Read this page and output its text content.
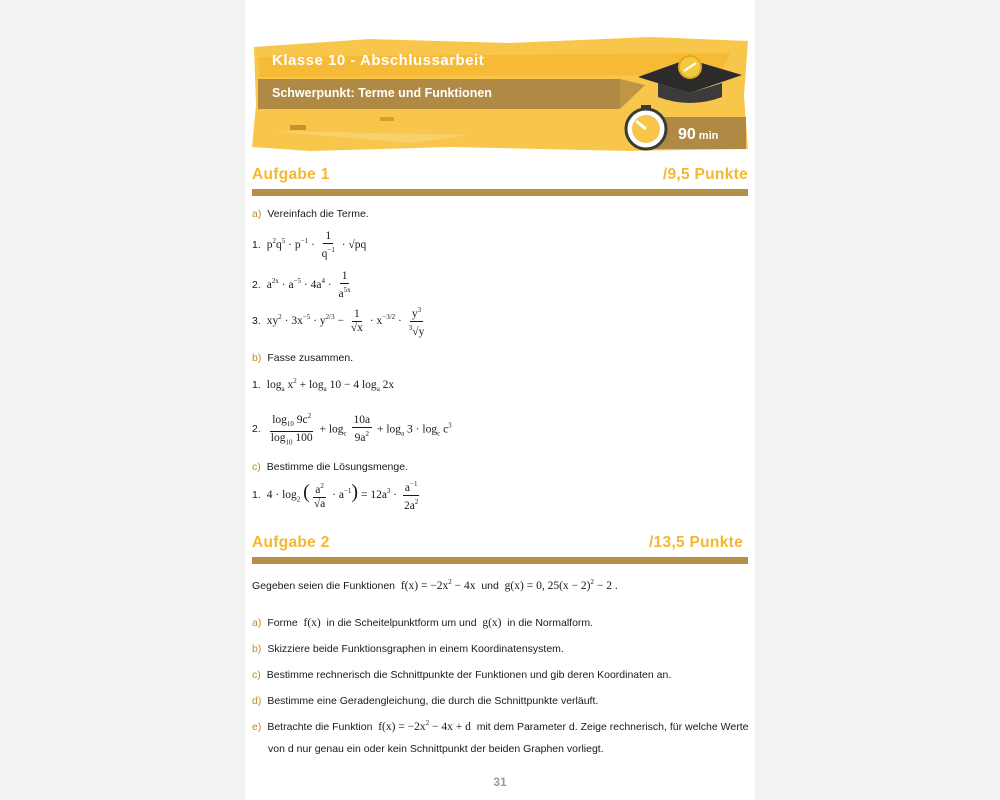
Klasse 10 - Abschlussarbeit
Schwerpunkt: Terme und Funktionen
90 min
Aufgabe 1	/9,5 Punkte
a) Vereinfach die Terme.
1. $p^2q^5 \cdot p^{-1} \cdot \frac{1}{q^{-1}} \cdot √pq$
2. $a^{2x} \cdot a^{-5} \cdot 4a^4 \cdot \frac{1}{a^{5x}}$
3. $xy^2 \cdot 3x^{-5} \cdot y^{2/3} - \frac{1}{√x} \cdot x^{-3/2} \cdot \frac{y^3}{^3√y}$
b) Fasse zusammen.
1. $\log_a x^2 + \log_a 10 - 4$ $\log_a 2x$
2. $\frac{\log_{10} 9c^2}{\log_{10} 100} + \log_c \frac{10a}{9a^2} + \log_a 3 \cdot \log_c c^3$
c) Bestimme die Lösungsmenge.
1. $4 \cdot \log_2$ ( $\frac{a^2}{√a} \cdot a^{-1}) = 12a^3 \cdot \frac{a^{-1}}{2a^2}$
Aufgabe 2	/13,5 Punkte
Gegeben seien die Funktionen  $f(x) = -2x^2 - 4x$  und  g(x) = 0, $25(x - 2)^2 - 2$ .
a) Forme  f(x)  in die Scheitelpunktform um und  g(x)  in die Normalform.
b) Skizziere beide Funktionsgraphen in einem Koordinatensystem.
c) Bestimme rechnerisch die Schnittpunkte der Funktionen und gib deren Koordinaten an.
d) Bestimme eine Geradengleichung, die durch die Schnittpunkte verläuft.
e) Betrachte die Funktion  $f(x) = -2x^2 - 4x + d$  mit dem Parameter d. Zeige rechnerisch, für welche Werte
von d nur genau ein oder kein Schnittpunkt der beiden Graphen vorliegt.
31
